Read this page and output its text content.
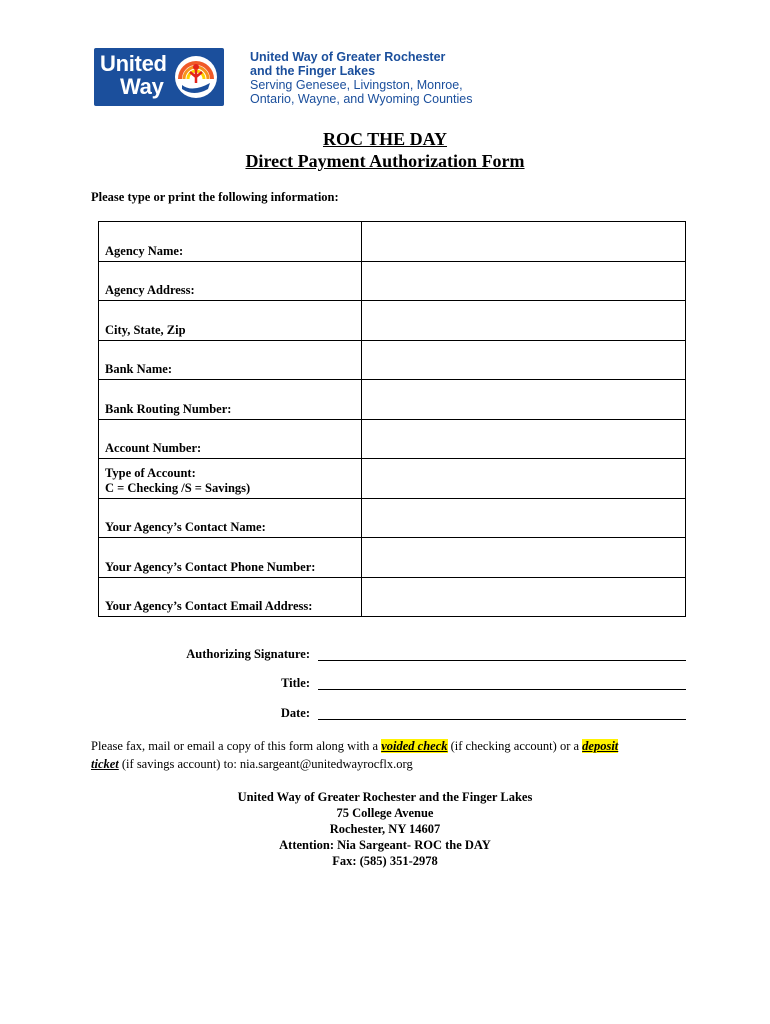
United
Way
United Way of Greater Rochester
and the Finger Lakes
Serving Genesee, Livingston, Monroe,
Ontario, Wayne, and Wyoming Counties
ROC THE DAY
Direct Payment Authorization Form
Please type or print the following information:
Agency Name:	
Agency Address:	
City, State, Zip	
Bank Name:	
Bank Routing Number:	
Account Number:	

Type of Account:
C = Checking /S = Savings)	

Your Agency’s Contact Name:	
Your Agency’s Contact Phone Number:	
Your Agency’s Contact Email Address:	
Authorizing Signature:
Title:
Date:
Please fax, mail or email a copy of this form along with a voided check (if checking account) or a deposit
ticket (if savings account) to: nia.sargeant@unitedwayrocflx.org
United Way of Greater Rochester and the Finger Lakes
75 College Avenue
Rochester, NY 14607
Attention: Nia Sargeant- ROC the DAY
Fax: (585) 351-2978
